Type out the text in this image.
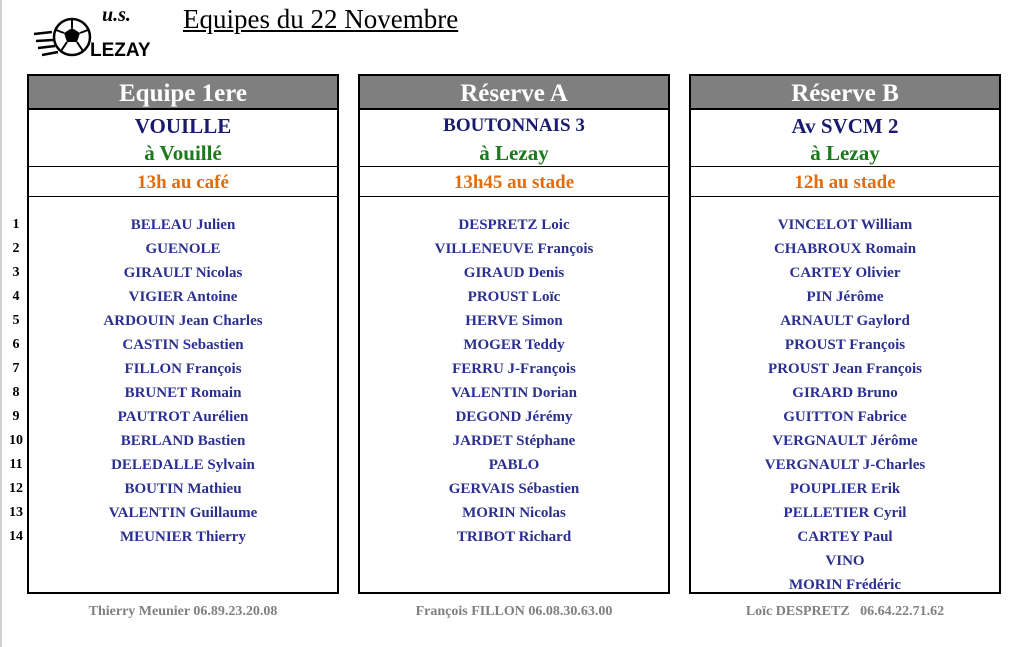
u.s.
LEZAY
Equipes du 22 Novembre
1
2
3
4
5
6
7
8
9
10
11
12
13
14
Equipe 1ere
VOUILLE
à Vouillé
13h au café
BELEAU Julien
GUENOLE
GIRAULT Nicolas
VIGIER Antoine
ARDOUIN Jean Charles
CASTIN Sebastien
FILLON François
BRUNET Romain
PAUTROT Aurélien
BERLAND Bastien
DELEDALLE Sylvain
BOUTIN Mathieu
VALENTIN Guillaume
MEUNIER Thierry
Réserve A
BOUTONNAIS 3
à Lezay
13h45 au stade
DESPRETZ Loic
VILLENEUVE François
GIRAUD Denis
PROUST Loïc
HERVE Simon
MOGER Teddy
FERRU J-François
VALENTIN Dorian
DEGOND Jérémy
JARDET Stéphane
PABLO
GERVAIS Sébastien
MORIN Nicolas
TRIBOT Richard
Réserve B
Av SVCM 2
à Lezay
12h au stade
VINCELOT William
CHABROUX Romain
CARTEY Olivier
PIN Jérôme
ARNAULT Gaylord
PROUST François
PROUST Jean François
GIRARD Bruno
GUITTON Fabrice
VERGNAULT Jérôme
VERGNAULT J-Charles
POUPLIER Erik
PELLETIER Cyril
CARTEY Paul
VINO
MORIN Frédéric
Thierry Meunier 06.89.23.20.08	François FILLON 06.08.30.63.00	Loïc DESPRETZ   06.64.22.71.62
